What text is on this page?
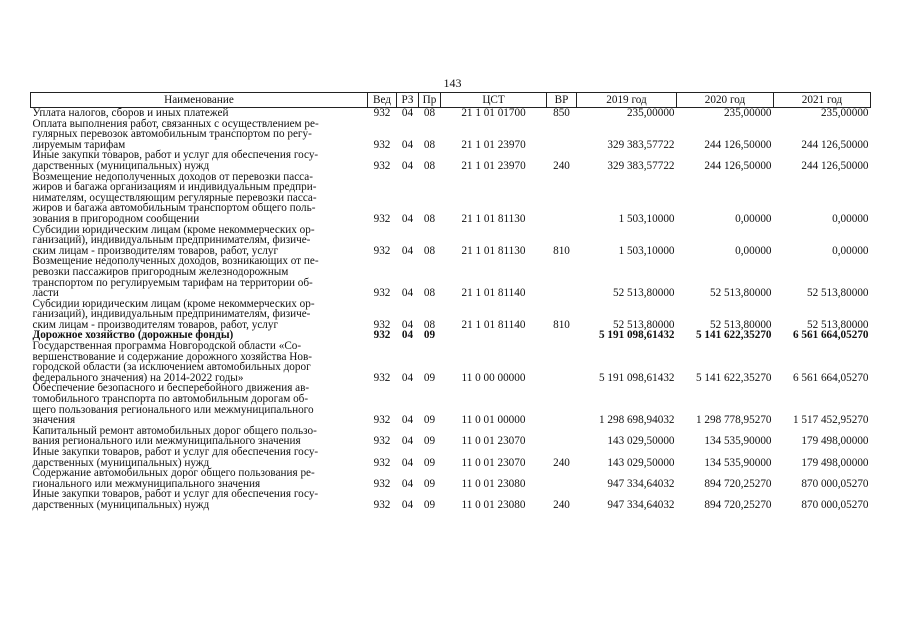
143
Наименование	Вед	РЗ	Пр	ЦСТ	ВР	2019 год	2020 год	2021 год
Уплата налогов, сборов и иных платежей	932	04	08	21 1 01 01700	850	235,00000	235,00000	235,00000
Оплата выполнения работ, связанных с осуществлением ре-
гулярных перевозок автомобильным транспортом по регу-
лируемым тарифам	932	04	08	21 1 01 23970		329 383,57722	244 126,50000	244 126,50000
Иные закупки товаров, работ и услуг для обеспечения госу-
дарственных (муниципальных) нужд	932	04	08	21 1 01 23970	240	329 383,57722	244 126,50000	244 126,50000
Возмещение недополученных доходов от перевозки пасса-
жиров и багажа организациям и индивидуальным предпри-
нимателям, осуществляющим регулярные перевозки пасса-
жиров и багажа автомобильным транспортом общего поль-
зования в пригородном сообщении	932	04	08	21 1 01 81130		1 503,10000	0,00000	0,00000
Субсидии юридическим лицам (кроме некоммерческих ор-
ганизаций), индивидуальным предпринимателям, физиче-
ским лицам - производителям товаров, работ, услуг	932	04	08	21 1 01 81130	810	1 503,10000	0,00000	0,00000
Возмещение недополученных доходов, возникающих от пе-
ревозки пассажиров пригородным железнодорожным
транспортом по регулируемым тарифам на территории об-
ласти	932	04	08	21 1 01 81140		52 513,80000	52 513,80000	52 513,80000
Субсидии юридическим лицам (кроме некоммерческих ор-
ганизаций), индивидуальным предпринимателям, физиче-
ским лицам - производителям товаров, работ, услуг	932	04	08	21 1 01 81140	810	52 513,80000	52 513,80000	52 513,80000
Дорожное хозяйство (дорожные фонды)	932	04	09			5 191 098,61432	5 141 622,35270	6 561 664,05270
Государственная программа Новгородской области «Со-
вершенствование и содержание дорожного хозяйства Нов-
городской области (за исключением автомобильных дорог
федерального значения) на 2014-2022 годы»	932	04	09	11 0 00 00000		5 191 098,61432	5 141 622,35270	6 561 664,05270
Обеспечение безопасного и бесперебойного движения ав-
томобильного транспорта по автомобильным дорогам об-
щего пользования регионального или межмуниципального
значения	932	04	09	11 0 01 00000		1 298 698,94032	1 298 778,95270	1 517 452,95270
Капитальный ремонт автомобильных дорог общего пользо-
вания регионального или межмуниципального значения	932	04	09	11 0 01 23070		143 029,50000	134 535,90000	179 498,00000
Иные закупки товаров, работ и услуг для обеспечения госу-
дарственных (муниципальных) нужд	932	04	09	11 0 01 23070	240	143 029,50000	134 535,90000	179 498,00000
Содержание автомобильных дорог общего пользования ре-
гионального или межмуниципального значения	932	04	09	11 0 01 23080		947 334,64032	894 720,25270	870 000,05270
Иные закупки товаров, работ и услуг для обеспечения госу-
дарственных (муниципальных) нужд	932	04	09	11 0 01 23080	240	947 334,64032	894 720,25270	870 000,05270
